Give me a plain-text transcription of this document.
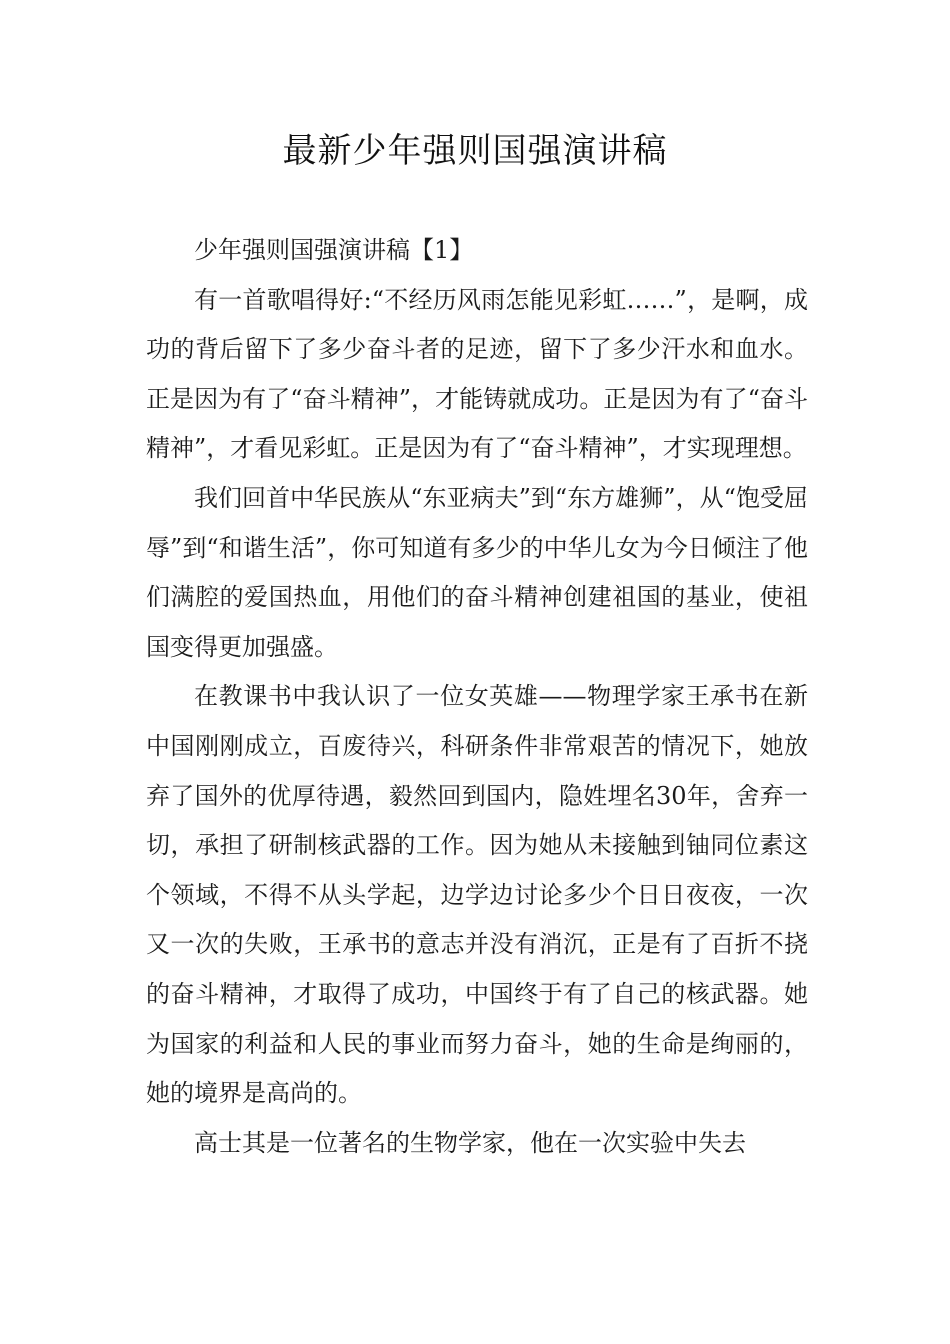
最新少年强则国强演讲稿

少年强则国强演讲稿【1】

有一首歌唱得好:“不经历风雨怎能见彩虹……”，是啊，成功的背后留下了多少奋斗者的足迹，留下了多少汗水和血水。正是因为有了“奋斗精神”，才能铸就成功。正是因为有了“奋斗精神”，才看见彩虹。正是因为有了“奋斗精神”，才实现理想。

我们回首中华民族从“东亚病夫”到“东方雄狮”，从“饱受屈辱”到“和谐生活”，你可知道有多少的中华儿女为今日倾注了他们满腔的爱国热血，用他们的奋斗精神创建祖国的基业，使祖国变得更加强盛。

在教课书中我认识了一位女英雄——物理学家王承书在新中国刚刚成立，百废待兴，科研条件非常艰苦的情况下，她放弃了国外的优厚待遇，毅然回到国内，隐姓埋名30年，舍弃一切，承担了研制核武器的工作。因为她从未接触到铀同位素这个领域，不得不从头学起，边学边讨论多少个日日夜夜，一次又一次的失败，王承书的意志并没有消沉，正是有了百折不挠的奋斗精神，才取得了成功，中国终于有了自己的核武器。她为国家的利益和人民的事业而努力奋斗，她的生命是绚丽的，她的境界是高尚的。

高士其是一位著名的生物学家，他在一次实验中失去
